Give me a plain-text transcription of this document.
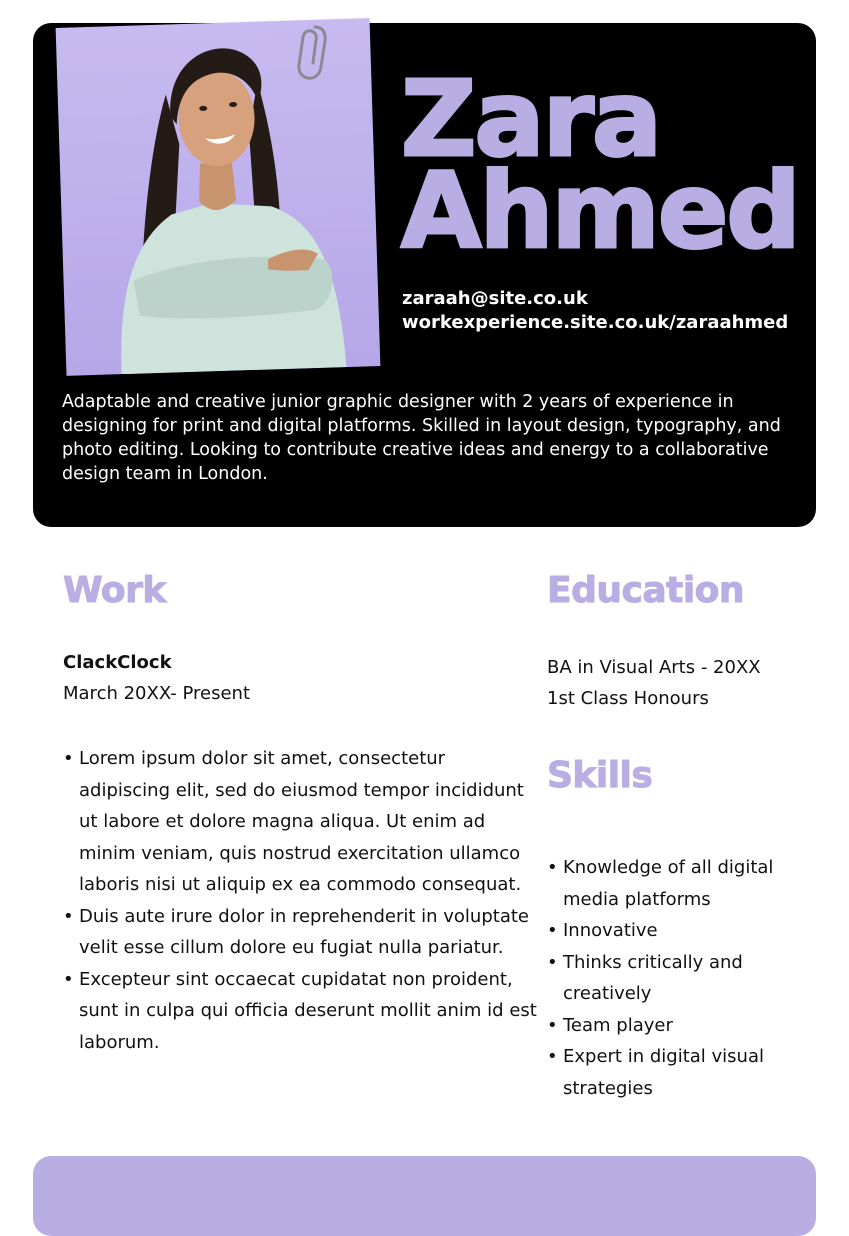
Zara
Ahmed
zaraah@site.co.uk
workexperience.site.co.uk/zaraahmed

Adaptable and creative junior graphic designer with 2 years of experience in designing for print and digital platforms. Skilled in layout design, typography, and photo editing. Looking to contribute creative ideas and energy to a collaborative design team in London.

Work
ClackClock
March 20XX- Present
• Lorem ipsum dolor sit amet, consectetur adipiscing elit, sed do eiusmod tempor incididunt ut labore et dolore magna aliqua. Ut enim ad minim veniam, quis nostrud exercitation ullamco laboris nisi ut aliquip ex ea commodo consequat.
• Duis aute irure dolor in reprehenderit in voluptate velit esse cillum dolore eu fugiat nulla pariatur.
• Excepteur sint occaecat cupidatat non proident, sunt in culpa qui officia deserunt mollit anim id est laborum.
Education
BA in Visual Arts - 20XX
1st Class Honours
Skills
• Knowledge of all digital media platforms
• Innovative
• Thinks critically and creatively
• Team player
• Expert in digital visual strategies
